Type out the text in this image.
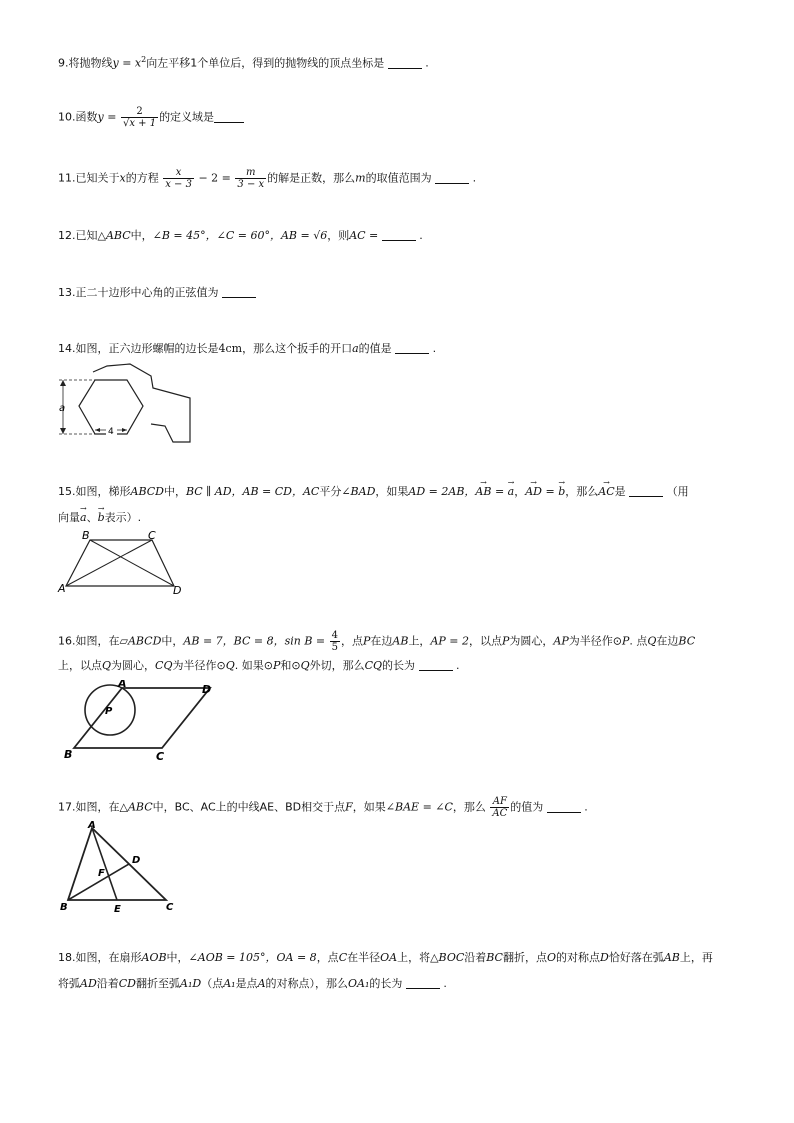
9.将抛物线$y = x^2$向左平移1个单位后，得到的抛物线的顶点坐标是	.
10.函数$y = \frac{2}{√x + 1}$ 的定义域是
11.已知关于x的方程 $\frac{x}{x - 3} - 2 = \frac{m}{3 - x}$ 的解是正数，那么m的取值范围为	.
12.已知△ABC中，∠B = 45°，∠C = 60°，AB = √6，则AC =	.
13.正二十边形中心角的正弦值为
14.如图，正六边形螺帽的边长是4cm，那么这个扳手的开口a的值是	.
a
4
15.如图，梯形ABCD中，BC ∥ AD，AB = CD，AC平分∠BAD，如果AD = 2AB，→ AB = → a，→ AD = → b，那么→ AC是	（用
向量→ a、→ b表示）.
B	C
A	D
16.如图，在▱ABCD中，AB = 7，BC = 8，$\sin B = \frac{4}{5}$ ，点P在边AB上，AP = 2，以点P为圆心，AP为半径作⊙P. 点Q在边BC
上，以点Q为圆心，CQ为半径作⊙Q. 如果⊙P和⊙Q外切，那么CQ的长为	.
P
A	D
B	C
17.如图，在△ABC中，BC、AC上的中线AE、BD相交于点F，如果∠BAE = ∠C，那么 $\frac{AF}{AC}$ 的值为	.
A
D
F
B	E	C
18.如图，在扇形AOB中，∠AOB = 105°，OA = 8，点C在半径OA上，将△BOC沿着BC翻折，点O的对称点D恰好落在弧AB上，再
将弧AD沿着CD翻折至弧A₁D（点A₁是点A的对称点），那么OA₁的长为	.
